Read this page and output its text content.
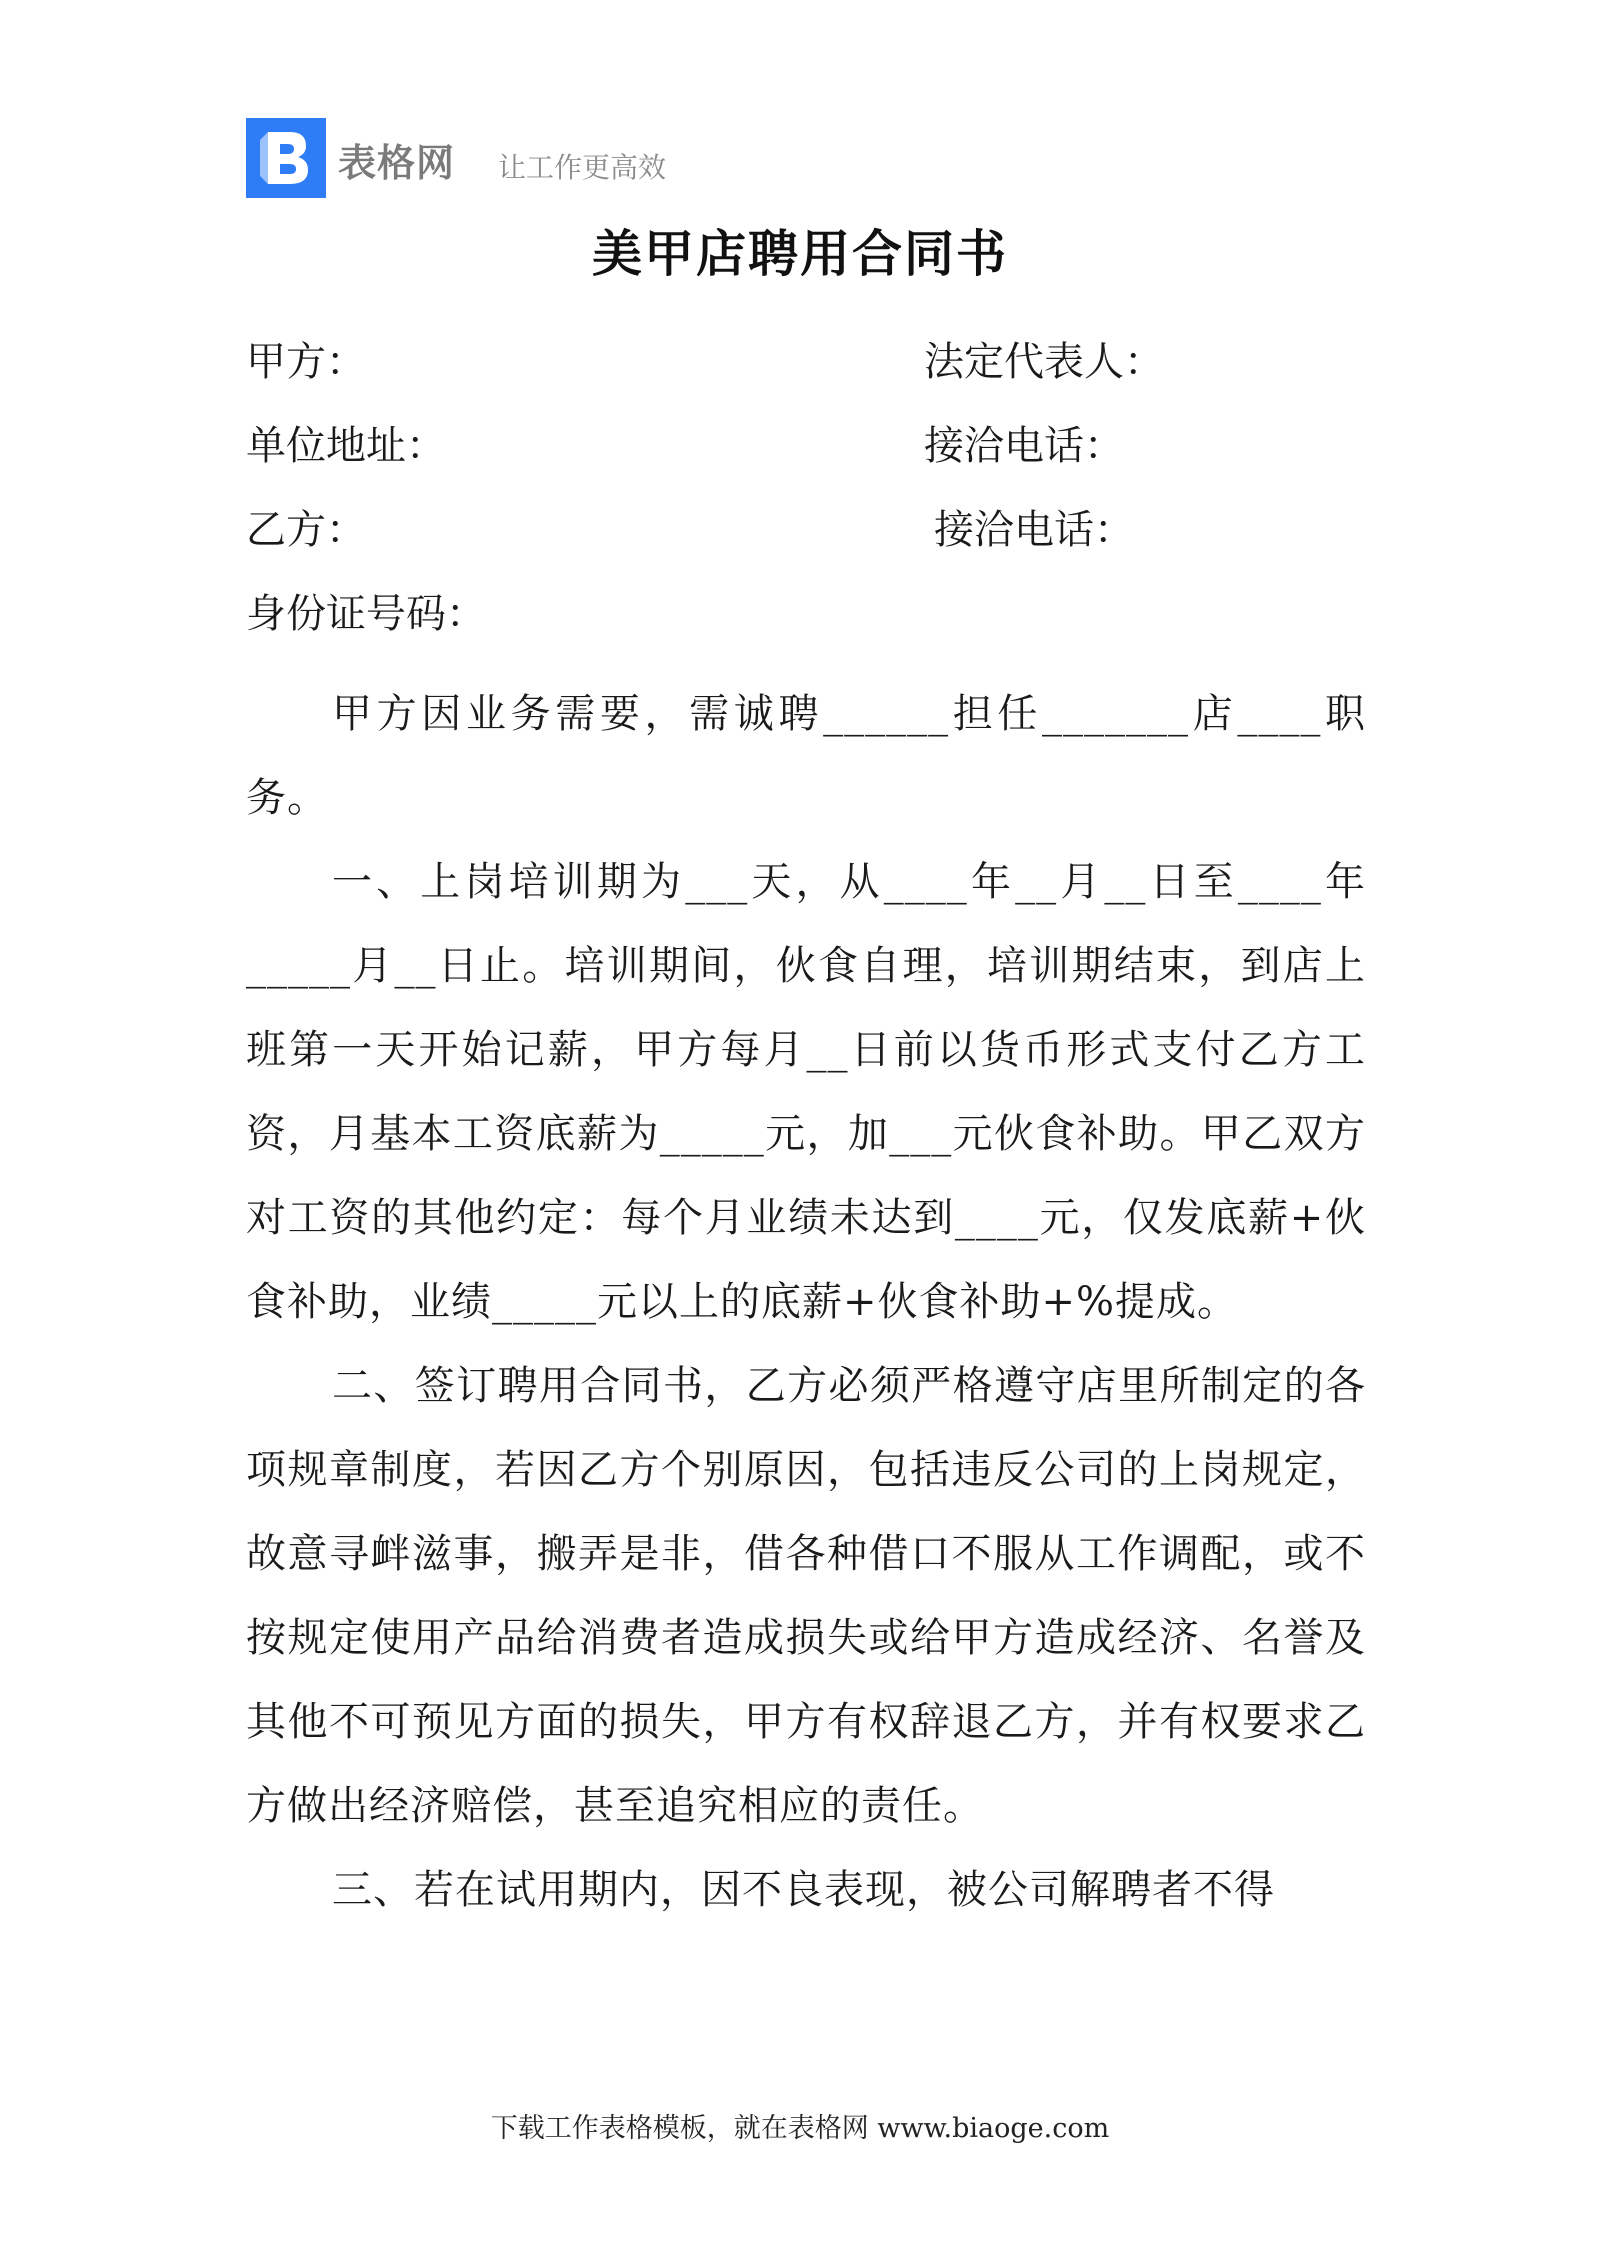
表格网 让工作更高效
美甲店聘用合同书
甲方：	法定代表人：
单位地址：	接洽电话：
乙方：	接洽电话：
身份证号码：

甲方因业务需要，需诚聘______担任_______店____职务。

一、上岗培训期为___天，从____年__月__日至____年_____月__日止。培训期间，伙食自理，培训期结束，到店上班第一天开始记薪，甲方每月__日前以货币形式支付乙方工资，月基本工资底薪为_____元，加___元伙食补助。甲乙双方对工资的其他约定：每个月业绩未达到____元，仅发底薪+伙食补助，业绩_____元以上的底薪+伙食补助+%提成。

二、签订聘用合同书，乙方必须严格遵守店里所制定的各项规章制度，若因乙方个别原因，包括违反公司的上岗规定，故意寻衅滋事，搬弄是非，借各种借口不服从工作调配，或不按规定使用产品给消费者造成损失或给甲方造成经济、名誉及其他不可预见方面的损失，甲方有权辞退乙方，并有权要求乙方做出经济赔偿，甚至追究相应的责任。

三、若在试用期内，因不良表现，被公司解聘者不得

下载工作表格模板，就在表格网 www.biaoge.com
